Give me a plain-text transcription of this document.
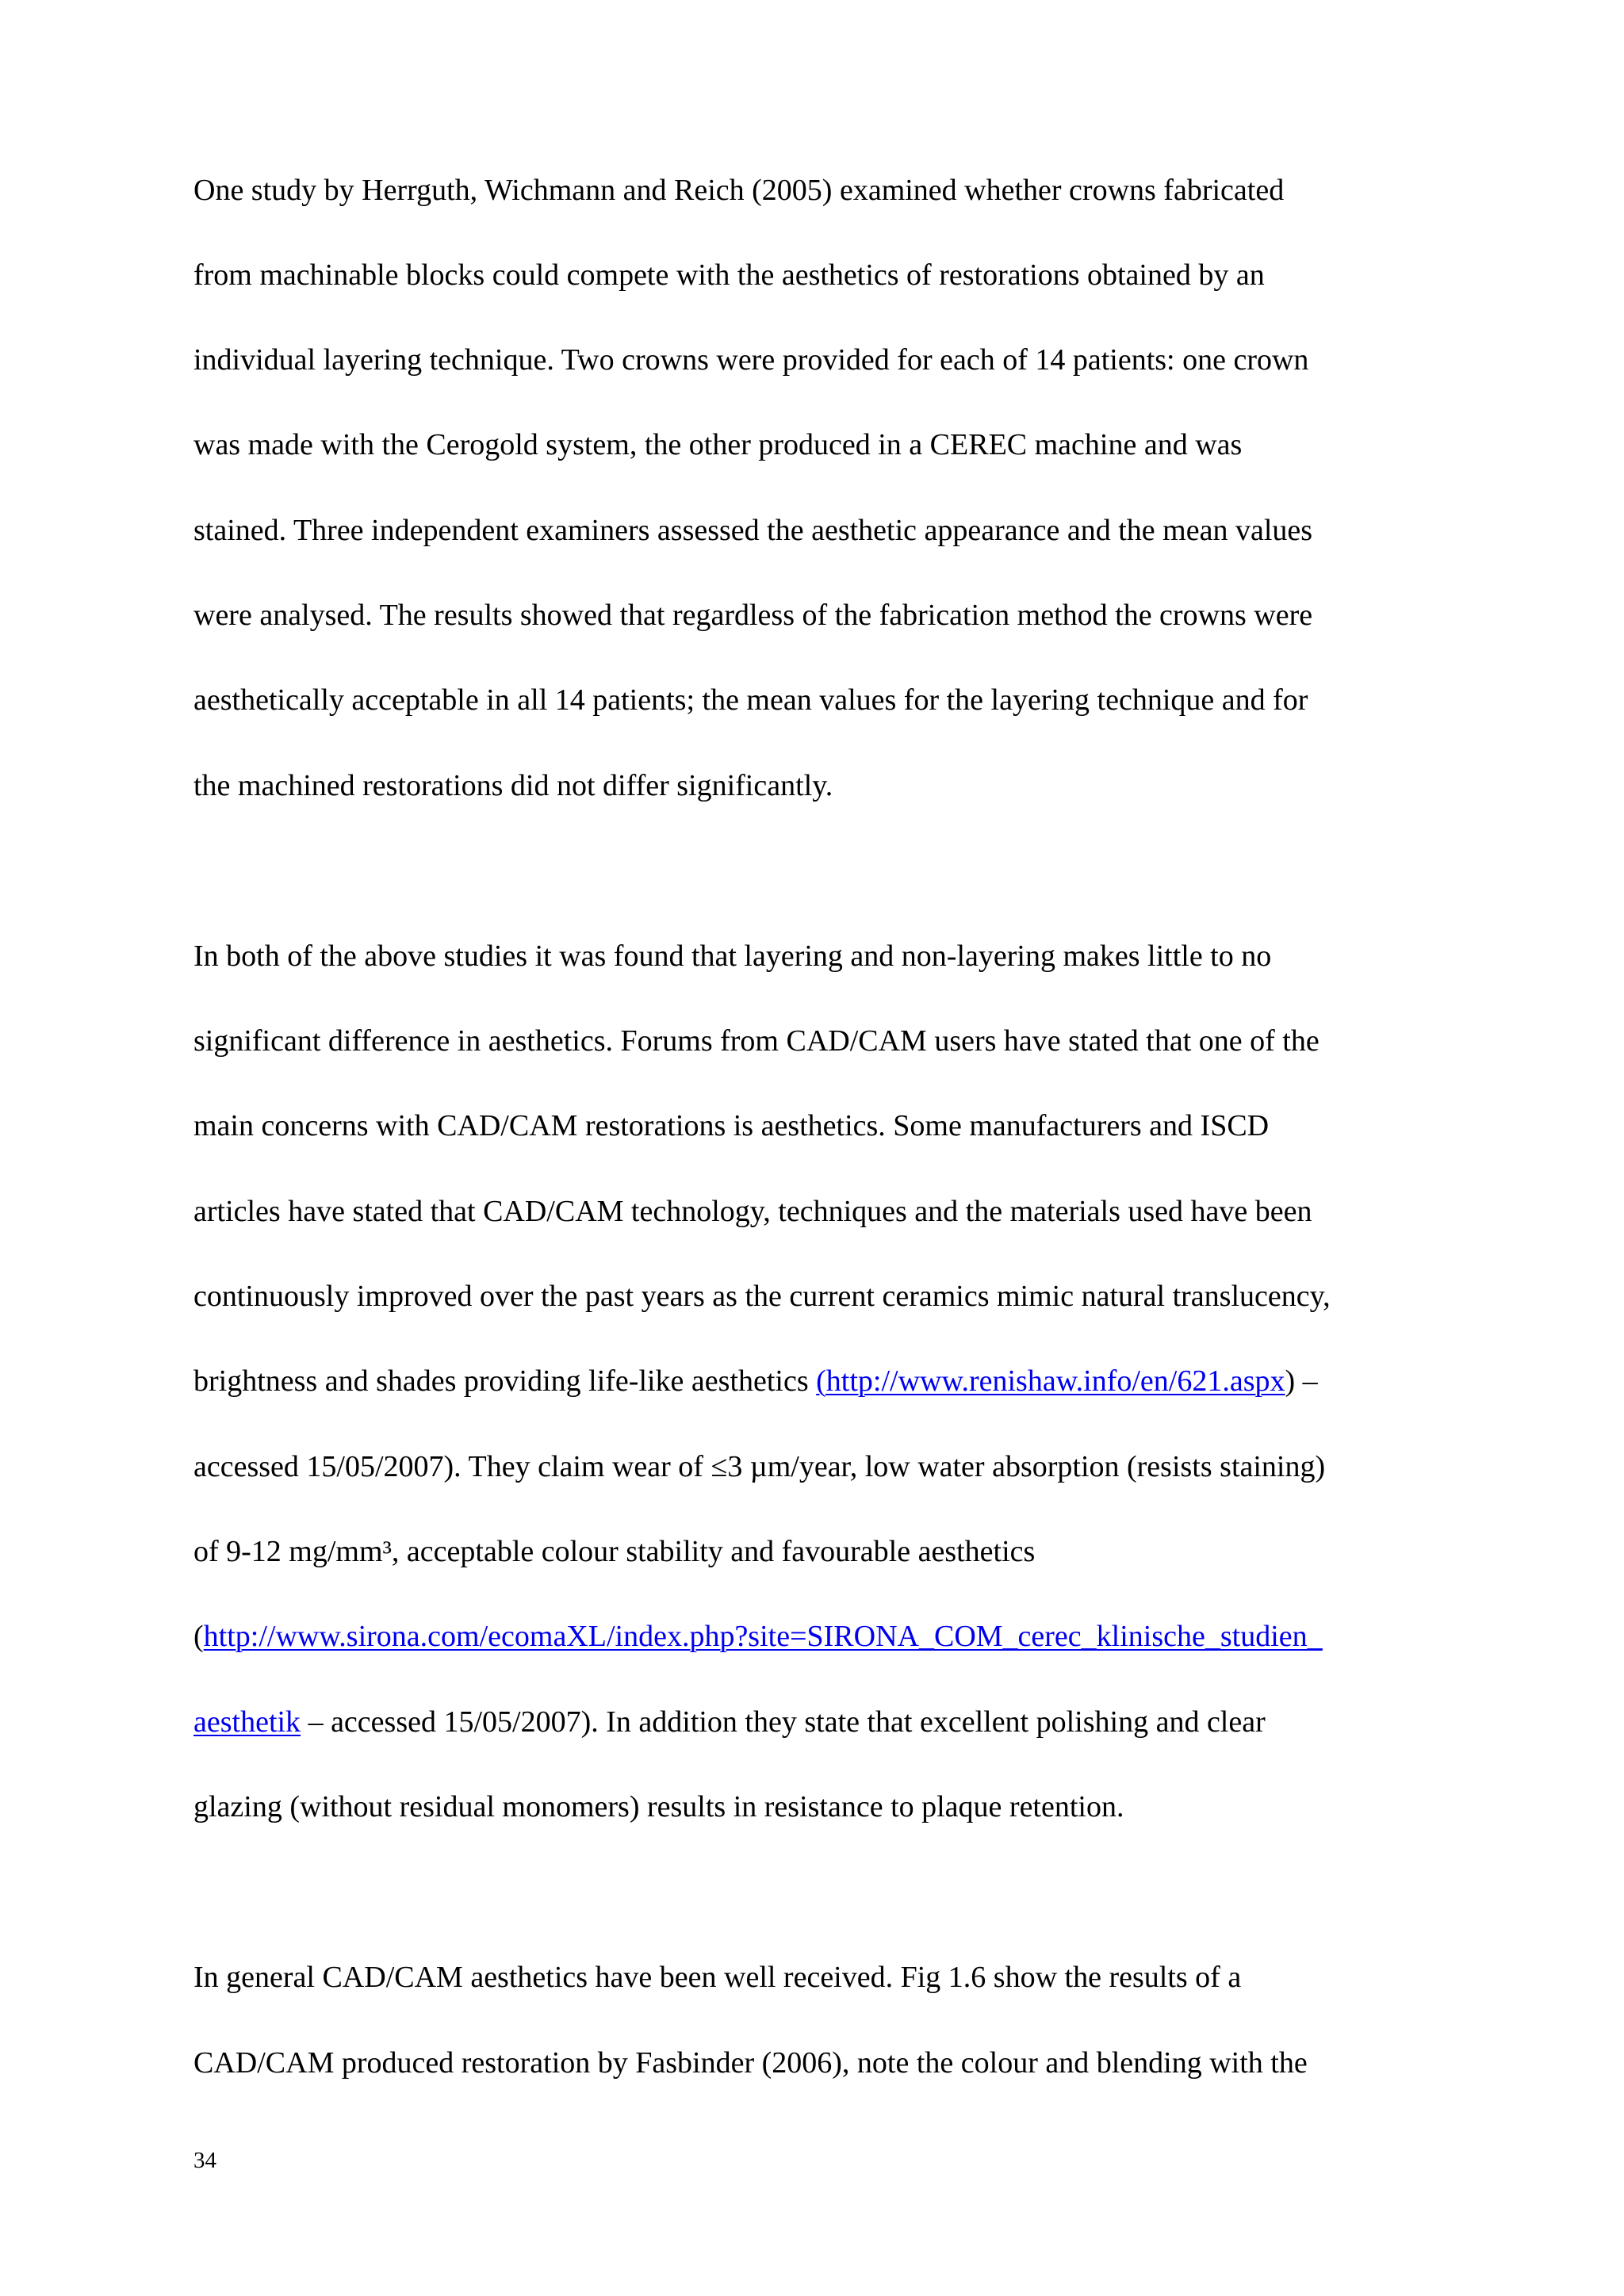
One study by Herrguth, Wichmann and Reich (2005) examined whether crowns fabricated
from machinable blocks could compete with the aesthetics of restorations obtained by an
individual layering technique. Two crowns were provided for each of 14 patients: one crown
was made with the Cerogold system, the other produced in a CEREC machine and was
stained. Three independent examiners assessed the aesthetic appearance and the mean values
were analysed. The results showed that regardless of the fabrication method the crowns were
aesthetically acceptable in all 14 patients; the mean values for the layering technique and for
the machined restorations did not differ significantly.
In both of the above studies it was found that layering and non-layering makes little to no
significant difference in aesthetics. Forums from CAD/CAM users have stated that one of the
main concerns with CAD/CAM restorations is aesthetics. Some manufacturers and ISCD
articles have stated that CAD/CAM technology, techniques and the materials used have been
continuously improved over the past years as the current ceramics mimic natural translucency,
brightness and shades providing life-like aesthetics (http://www.renishaw.info/en/621.aspx) –
accessed 15/05/2007). They claim wear of ≤3 µm/year, low water absorption (resists staining)
of 9-12 mg/mm³, acceptable colour stability and favourable aesthetics
(http://www.sirona.com/ecomaXL/index.php?site=SIRONA_COM_cerec_klinische_studien_
aesthetik – accessed 15/05/2007). In addition they state that excellent polishing and clear
glazing (without residual monomers) results in resistance to plaque retention.
In general CAD/CAM aesthetics have been well received. Fig 1.6 show the results of a
CAD/CAM produced restoration by Fasbinder (2006), note the colour and blending with the
34
